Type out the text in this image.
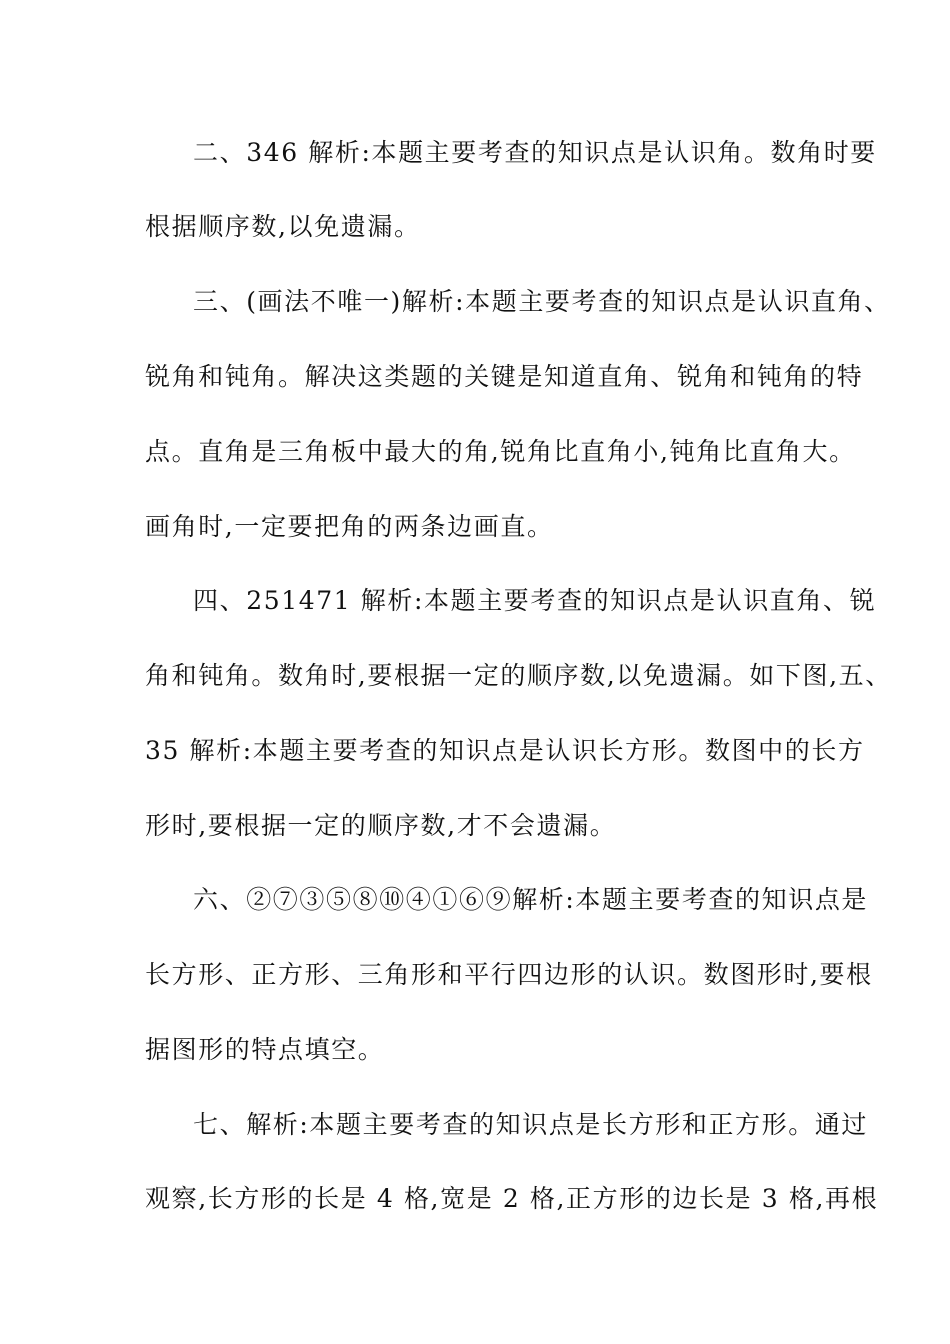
二、346 解析:本题主要考查的知识点是认识角。数角时要
根据顺序数,以免遗漏。
三、(画法不唯一)解析:本题主要考查的知识点是认识直角、
锐角和钝角。解决这类题的关键是知道直角、锐角和钝角的特
点。直角是三角板中最大的角,锐角比直角小,钝角比直角大。
画角时,一定要把角的两条边画直。
四、251471 解析:本题主要考查的知识点是认识直角、锐
角和钝角。数角时,要根据一定的顺序数,以免遗漏。如下图,五、
35 解析:本题主要考查的知识点是认识长方形。数图中的长方
形时,要根据一定的顺序数,才不会遗漏。
六、②⑦③⑤⑧⑩④①⑥⑨解析:本题主要考查的知识点是
长方形、正方形、三角形和平行四边形的认识。数图形时,要根
据图形的特点填空。
七、解析:本题主要考查的知识点是长方形和正方形。通过
观察,长方形的长是 4 格,宽是 2 格,正方形的边长是 3 格,再根
